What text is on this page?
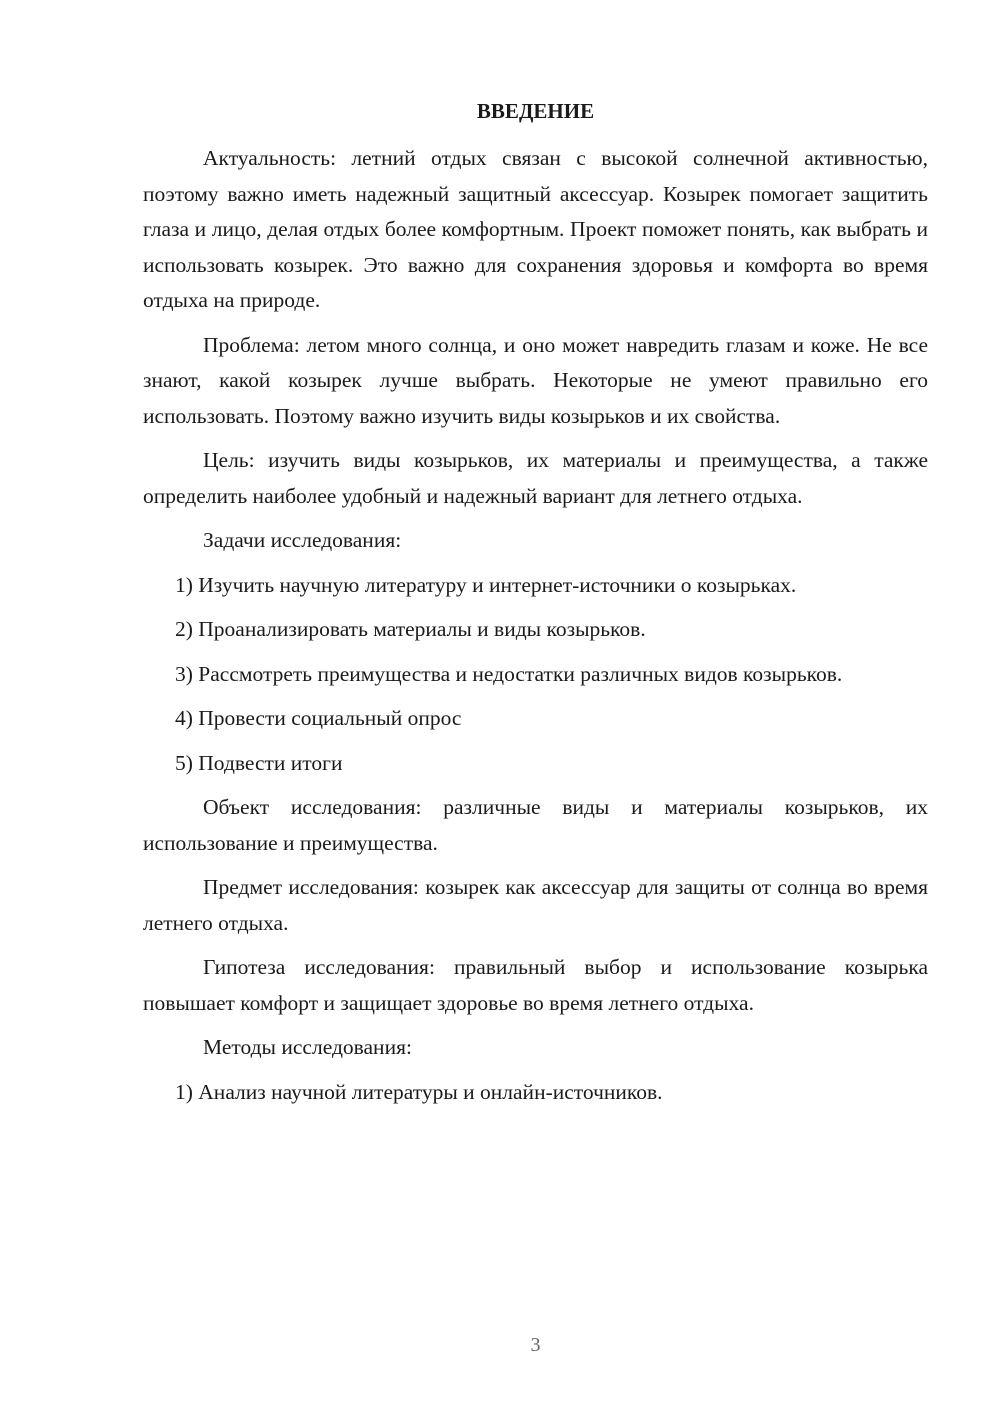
ВВЕДЕНИЕ

Актуальность: летний отдых связан с высокой солнечной активностью, поэтому важно иметь надежный защитный аксессуар. Козырек помогает защитить глаза и лицо, делая отдых более комфортным. Проект поможет понять, как выбрать и использовать козырек. Это важно для сохранения здоровья и комфорта во время отдыха на природе.

Проблема: летом много солнца, и оно может навредить глазам и коже. Не все знают, какой козырек лучше выбрать. Некоторые не умеют правильно его использовать. Поэтому важно изучить виды козырьков и их свойства.

Цель: изучить виды козырьков, их материалы и преимущества, а также определить наиболее удобный и надежный вариант для летнего отдыха.

Задачи исследования:

1) Изучить научную литературу и интернет-источники о козырьках.

2) Проанализировать материалы и виды козырьков.

3) Рассмотреть преимущества и недостатки различных видов козырьков.

4) Провести социальный опрос

5) Подвести итоги

Объект исследования: различные виды и материалы козырьков, их использование и преимущества.

Предмет исследования: козырек как аксессуар для защиты от солнца во время летнего отдыха.

Гипотеза исследования: правильный выбор и использование козырька повышает комфорт и защищает здоровье во время летнего отдыха.

Методы исследования:

1) Анализ научной литературы и онлайн-источников.

3
